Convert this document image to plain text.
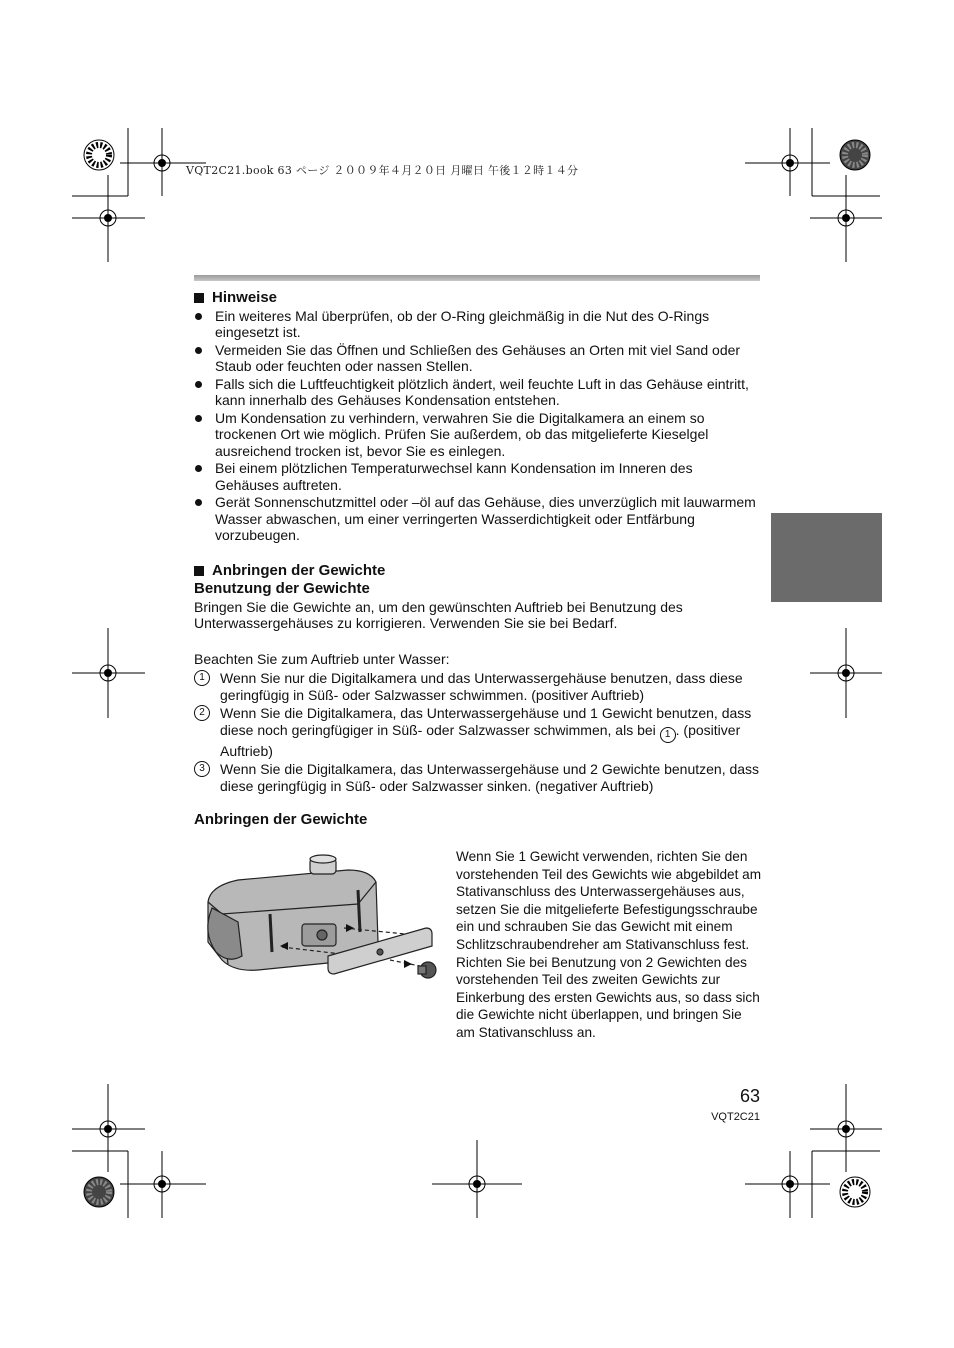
VQT2C21.book 63 ページ ２００９年４月２０日 月曜日 午後１２時１４分
Hinweise
Ein weiteres Mal überprüfen, ob der O-Ring gleichmäßig in die Nut des O-Rings eingesetzt ist.
Vermeiden Sie das Öffnen und Schließen des Gehäuses an Orten mit viel Sand oder Staub oder feuchten oder nassen Stellen.
Falls sich die Luftfeuchtigkeit plötzlich ändert, weil feuchte Luft in das Gehäuse eintritt, kann innerhalb des Gehäuses Kondensation entstehen.
Um Kondensation zu verhindern, verwahren Sie die Digitalkamera an einem so trockenen Ort wie möglich. Prüfen Sie außerdem, ob das mitgelieferte Kieselgel ausreichend trocken ist, bevor Sie es einlegen.
Bei einem plötzlichen Temperaturwechsel kann Kondensation im Inneren des Gehäuses auftreten.
Gerät Sonnenschutzmittel oder –öl auf das Gehäuse, dies unverzüglich mit lauwarmem Wasser abwaschen, um einer verringerten Wasserdichtigkeit oder Entfärbung vorzubeugen.
Anbringen der Gewichte
Benutzung der Gewichte

Bringen Sie die Gewichte an, um den gewünschten Auftrieb bei Benutzung des Unterwassergehäuses zu korrigieren. Verwenden Sie sie bei Bedarf.

Beachten Sie zum Auftrieb unter Wasser:

1	Wenn Sie nur die Digitalkamera und das Unterwassergehäuse benutzen, dass diese geringfügig in Süß- oder Salzwasser schwimmen. (positiver Auftrieb)
2	Wenn Sie die Digitalkamera, das Unterwassergehäuse und 1 Gewicht benutzen, dass diese noch geringfügiger in Süß- oder Salzwasser schwimmen, als bei 1 . (positiver Auftrieb)
3	Wenn Sie die Digitalkamera, das Unterwassergehäuse und 2 Gewichte benutzen, dass diese geringfügig in Süß- oder Salzwasser sinken. (negativer Auftrieb)
Anbringen der Gewichte

Wenn Sie 1 Gewicht verwenden, richten Sie den vorstehenden Teil des Gewichts wie abgebildet am Stativanschluss des Unterwassergehäuses aus, setzen Sie die mitgelieferte Befestigungsschraube ein und schrauben Sie das Gewicht mit einem Schlitzschraubendreher am Stativanschluss fest.

Richten Sie bei Benutzung von 2 Gewichten des vorstehenden Teil des zweiten Gewichts zur Einkerbung des ersten Gewichts aus, so dass sich die Gewichte nicht überlappen, und bringen Sie am Stativanschluss an.

63
VQT2C21
